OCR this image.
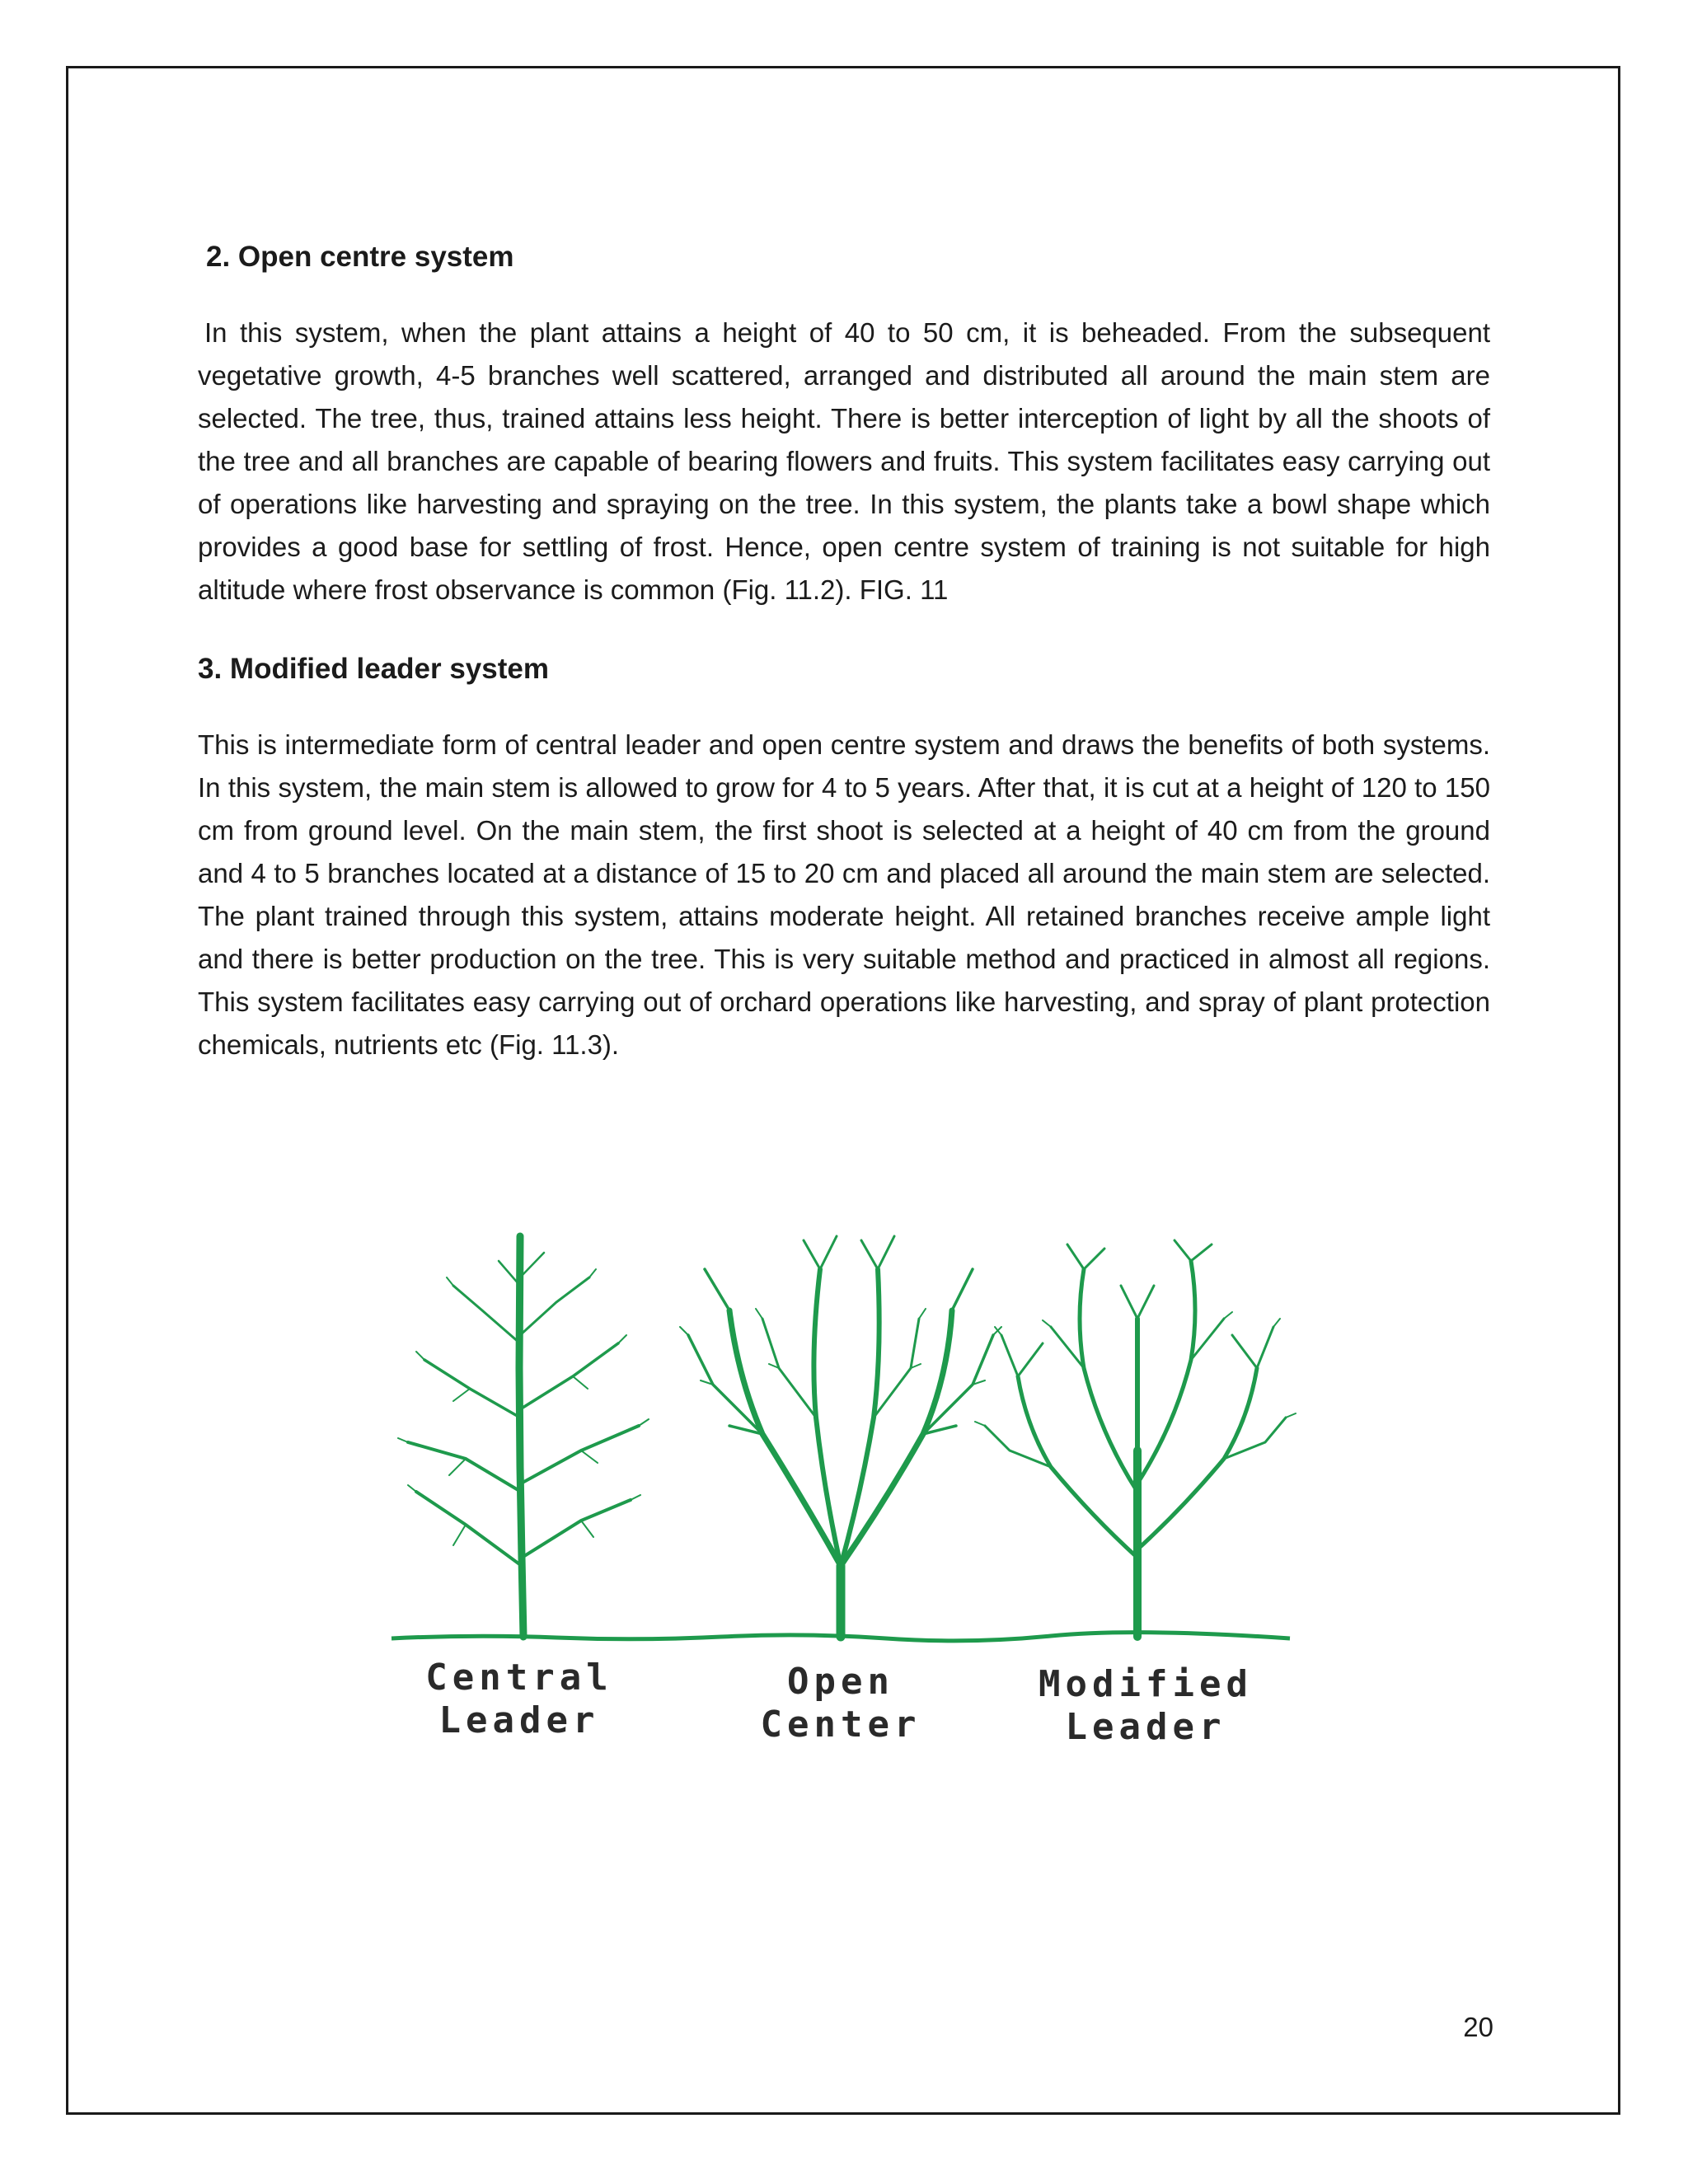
2. Open centre system

In this system, when the plant attains a height of 40 to 50 cm, it is beheaded. From the subsequent vegetative growth, 4-5 branches well scattered, arranged and distributed all around the main stem are selected. The tree, thus, trained attains less height. There is better interception of light by all the shoots of the tree and all branches are capable of bearing flowers and fruits. This system facilitates easy carrying out of operations like harvesting and spraying on the tree. In this system, the plants take a bowl shape which provides a good base for settling of frost. Hence, open centre system of training is not suitable for high altitude where frost observance is common (Fig. 11.2). FIG. 11

3. Modified leader system

This is intermediate form of central leader and open centre system and draws the benefits of both systems. In this system, the main stem is allowed to grow for 4 to 5 years. After that, it is cut at a height of 120 to 150 cm from ground level. On the main stem, the first shoot is selected at a height of 40 cm from the ground and 4 to 5 branches located at a distance of 15 to 20 cm and placed all around the main stem are selected. The plant trained through this system, attains moderate height. All retained branches receive ample light and there is better production on the tree. This is very suitable method and practiced in almost all regions. This system facilitates easy carrying out of orchard operations like harvesting, and spray of plant protection chemicals, nutrients etc (Fig. 11.3).

Central
Leader
Open
Center
Modified
Leader
20
